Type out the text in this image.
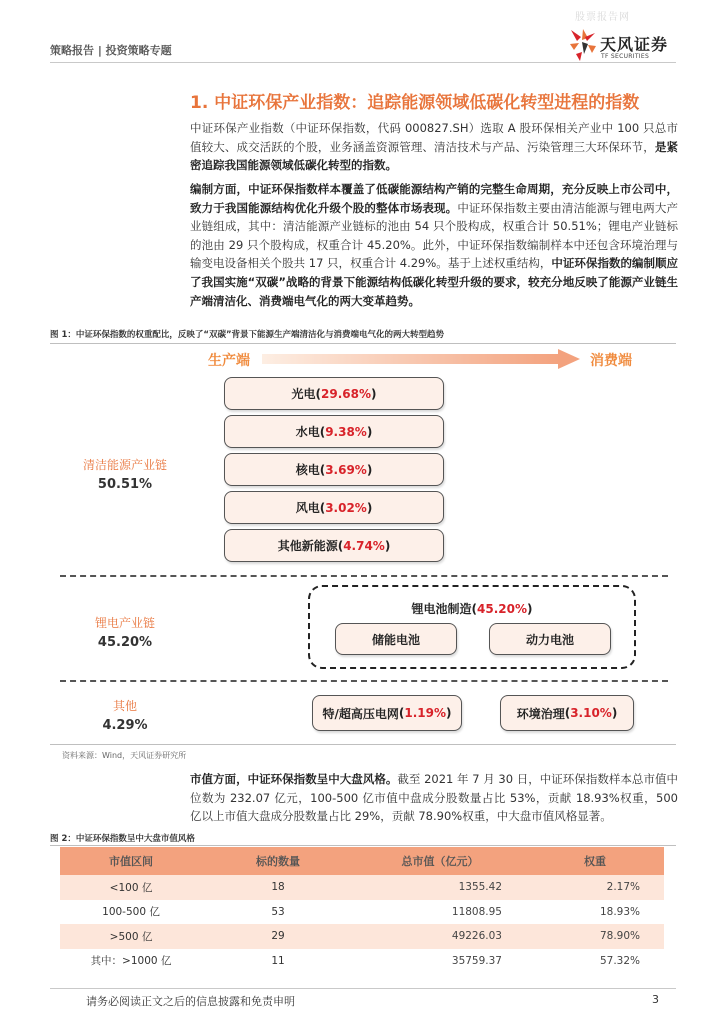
股票报告网
策略报告 | 投资策略专题	天风证券
TF SECURITIES
1. 中证环保产业指数：追踪能源领域低碳化转型进程的指数
中证环保产业指数（中证环保指数，代码 000827.SH）选取 A 股环保相关产业中 100 只总市值较大、成交活跃的个股，业务涵盖资源管理、清洁技术与产品、污染管理三大环保环节，是紧密追踪我国能源领域低碳化转型的指数。
编制方面，中证环保指数样本覆盖了低碳能源结构产销的完整生命周期，充分反映上市公司中，致力于我国能源结构优化升级个股的整体市场表现。中证环保指数主要由清洁能源与锂电两大产业链组成，其中：清洁能源产业链标的池由 54 只个股构成，权重合计 50.51%；锂电产业链标的池由 29 只个股构成，权重合计 45.20%。此外，中证环保指数编制样本中还包含环境治理与输变电设备相关个股共 17 只，权重合计 4.29%。基于上述权重结构，中证环保指数的编制顺应了我国实施“双碳”战略的背景下能源结构低碳化转型升级的要求，较充分地反映了能源产业链生产端清洁化、消费端电气化的两大变革趋势。
图 1：中证环保指数的权重配比，反映了“双碳”背景下能源生产端清洁化与消费端电气化的两大转型趋势
生产端	消费端
清洁能源产业链
50.51%
光电 ( 29.68% )
水电 ( 9.38% )
核电 ( 3.69% )
风电 ( 3.02% )
其他新能源 ( 4.74% )
锂电产业链
45.20%
锂电池制造(45.20%)
储能电池	动力电池
其他
4.29%
特/超高压电网 ( 1.19% )	环境治理 ( 3.10% )
资料来源：Wind，天风证券研究所
市值方面，中证环保指数呈中大盘风格。截至 2021 年 7 月 30 日，中证环保指数样本总市值中位数为 232.07 亿元，100-500 亿市值中盘成分股数量占比 53%，贡献 18.93%权重，500 亿以上市值大盘成分股数量占比 29%，贡献 78.90%权重，中大盘市值风格显著。
图 2：中证环保指数呈中大盘市值风格
市值区间	标的数量	总市值（亿元）	权重
<100 亿	18	1355.42	2.17%
100-500 亿	53	11808.95	18.93%
>500 亿	29	49226.03	78.90%
其中：>1000 亿	11	35759.37	57.32%
请务必阅读正文之后的信息披露和免责申明	3
